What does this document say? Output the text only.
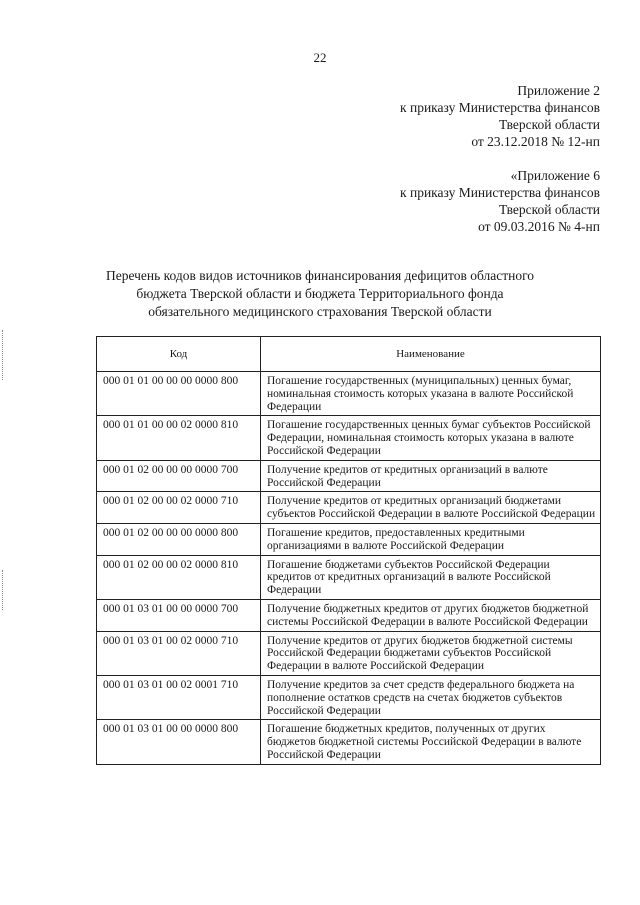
22
Приложение 2
к приказу Министерства финансов
Тверской области
от 23.12.2018 № 12-нп
«Приложение 6
к приказу Министерства финансов
Тверской области
от 09.03.2016 № 4-нп
Перечень кодов видов источников финансирования дефицитов областного
бюджета Тверской области и бюджета Территориального фонда
обязательного медицинского страхования Тверской области
Код	Наименование
000 01 01 00 00 00 0000 800	Погашение государственных (муниципальных) ценных бумаг, номинальная стоимость которых указана в валюте Российской Федерации
000 01 01 00 00 02 0000 810	Погашение государственных ценных бумаг субъектов Российской Федерации, номинальная стоимость которых указана в валюте Российской Федерации
000 01 02 00 00 00 0000 700	Получение кредитов от кредитных организаций в валюте Российской Федерации
000 01 02 00 00 02 0000 710	Получение кредитов от кредитных организаций бюджетами субъектов Российской Федерации в валюте Российской Федерации
000 01 02 00 00 00 0000 800	Погашение кредитов, предоставленных кредитными организациями в валюте Российской Федерации
000 01 02 00 00 02 0000 810	Погашение бюджетами субъектов Российской Федерации кредитов от кредитных организаций в валюте Российской Федерации
000 01 03 01 00 00 0000 700	Получение бюджетных кредитов от других бюджетов бюджетной системы Российской Федерации в валюте Российской Федерации
000 01 03 01 00 02 0000 710	Получение кредитов от других бюджетов бюджетной системы Российской Федерации бюджетами субъектов Российской Федерации в валюте Российской Федерации
000 01 03 01 00 02 0001 710	Получение кредитов за счет средств федерального бюджета на пополнение остатков средств на счетах бюджетов субъектов Российской Федерации
000 01 03 01 00 00 0000 800	Погашение бюджетных кредитов, полученных от других бюджетов бюджетной системы Российской Федерации в валюте Российской Федерации
